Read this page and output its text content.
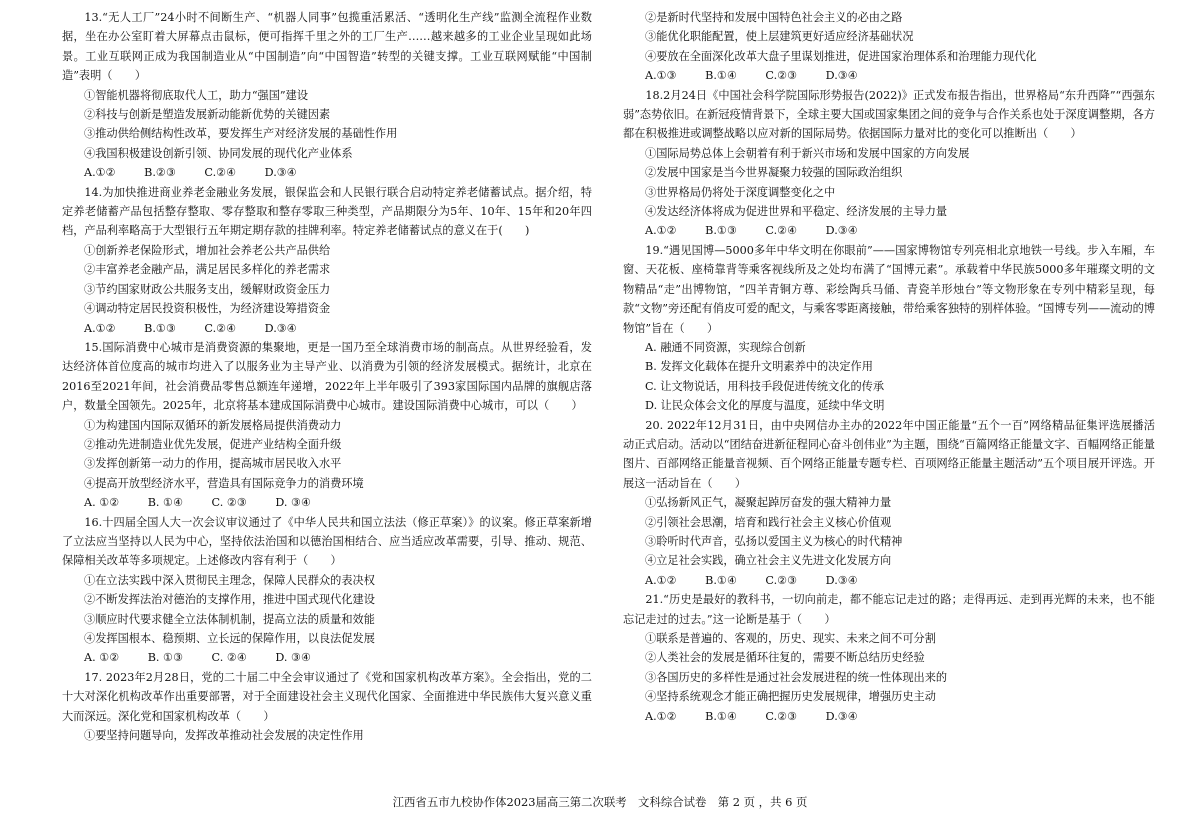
13.“无人工厂”24小时不间断生产、“机器人同事”包揽重活累活、“透明化生产线”监测全流程作业数据，坐在办公室盯着大屏幕点击鼠标，便可指挥千里之外的工厂生产……越来越多的工业企业呈现如此场景。工业互联网正成为我国制造业从“中国制造”向“中国智造”转型的关键支撑。工业互联网赋能“中国制造”表明（　　）

①智能机器将彻底取代人工，助力“强国”建设
②科技与创新是塑造发展新动能新优势的关键因素
③推动供给侧结构性改革，要发挥生产对经济发展的基础性作用
④我国积极建设创新引领、协同发展的现代化产业体系
A.①②        B.②③        C.②④        D.③④

14.为加快推进商业养老金融业务发展，银保监会和人民银行联合启动特定养老储蓄试点。据介绍，特定养老储蓄产品包括整存整取、零存整取和整存零取三种类型，产品期限分为5年、10年、15年和20年四档，产品利率略高于大型银行五年期定期存款的挂牌利率。特定养老储蓄试点的意义在于(　　)

①创新养老保险形式，增加社会养老公共产品供给
②丰富养老金融产品，满足居民多样化的养老需求
③节约国家财政公共服务支出，缓解财政资金压力
④调动特定居民投资积极性，为经济建设筹措资金
A.①②        B.①③        C.②④        D.③④

15.国际消费中心城市是消费资源的集聚地，更是一国乃至全球消费市场的制高点。从世界经验看，发达经济体首位度高的城市均进入了以服务业为主导产业、以消费为引领的经济发展模式。据统计，北京在2016至2021年间，社会消费品零售总额连年递增，2022年上半年吸引了393家国际国内品牌的旗舰店落户，数量全国领先。2025年，北京将基本建成国际消费中心城市。建设国际消费中心城市，可以（　　）

①为构建国内国际双循环的新发展格局提供消费动力
②推动先进制造业优先发展，促进产业结构全面升级
③发挥创新第一动力的作用，提高城市居民收入水平
④提高开放型经济水平，营造具有国际竞争力的消费环境
A. ①②        B. ①④        C. ②③        D. ③④

16.十四届全国人大一次会议审议通过了《中华人民共和国立法法（修正草案）》的议案。修正草案新增了立法应当坚持以人民为中心，坚持依法治国和以德治国相结合、应当适应改革需要，引导、推动、规范、保障相关改革等多项规定。上述修改内容有利于（　　）

①在立法实践中深入贯彻民主理念，保障人民群众的表决权
②不断发挥法治对德治的支撑作用，推进中国式现代化建设
③顺应时代要求健全立法体制机制，提高立法的质量和效能
④发挥国根本、稳预期、立长远的保障作用，以良法促发展
A. ①②        B. ①③        C. ②④        D. ③④

17. 2023年2月28日，党的二十届二中全会审议通过了《党和国家机构改革方案》。全会指出，党的二十大对深化机构改革作出重要部署，对于全面建设社会主义现代化国家、全面推进中华民族伟大复兴意义重大而深远。深化党和国家机构改革（　　）

①要坚持问题导向，发挥改革推动社会发展的决定性作用
②是新时代坚持和发展中国特色社会主义的必由之路
③能优化职能配置，使上层建筑更好适应经济基础状况
④要放在全面深化改革大盘子里谋划推进，促进国家治理体系和治理能力现代化
A.①③        B.①④        C.②③        D.③④

18.2月24日《中国社会科学院国际形势报告(2022)》正式发布报告指出，世界格局“东升西降”“西强东弱”态势依旧。在新冠疫情背景下，全球主要大国或国家集团之间的竞争与合作关系也处于深度调整期，各方都在积极推进或调整战略以应对新的国际局势。依据国际力量对比的变化可以推断出（　　）

①国际局势总体上会朝着有利于新兴市场和发展中国家的方向发展
②发展中国家是当今世界凝聚力较强的国际政治组织
③世界格局仍将处于深度调整变化之中
④发达经济体将成为促进世界和平稳定、经济发展的主导力量
A.①②        B.①③        C.②④        D.③④

19.“遇见国博—5000多年中华文明在你眼前”——国家博物馆专列亮相北京地铁一号线。步入车厢，车窗、天花板、座椅靠背等乘客视线所及之处均布满了“国博元素”。承载着中华民族5000多年璀璨文明的文物精品“走”出博物馆，“四羊青铜方尊、彩绘陶兵马俑、青瓷羊形烛台”等文物形象在专列中精彩呈现，每款“文物”旁还配有俏皮可爱的配文，与乘客零距离接触，带给乘客独特的别样体验。“国博专列——流动的博物馆”旨在（　　）

A. 融通不同资源，实现综合创新
B. 发挥文化载体在提升文明素养中的决定作用
C. 让文物说话，用科技手段促进传统文化的传承
D. 让民众体会文化的厚度与温度，延续中华文明

20. 2022年12月31日，由中央网信办主办的2022年中国正能量“五个一百”网络精品征集评选展播活动正式启动。活动以“团结奋进新征程同心奋斗创伟业”为主题，围绕“百篇网络正能量文字、百幅网络正能量图片、百部网络正能量音视频、百个网络正能量专题专栏、百项网络正能量主题活动”五个项目展开评选。开展这一活动旨在（　　）

①弘扬新风正气，凝聚起踔厉奋发的强大精神力量
②引领社会思潮，培育和践行社会主义核心价值观
③聆听时代声音，弘扬以爱国主义为核心的时代精神
④立足社会实践，确立社会主义先进文化发展方向
A.①②        B.①④        C.②③        D.③④

21.“历史是最好的教科书，一切向前走，都不能忘记走过的路；走得再远、走到再光辉的未来，也不能忘记走过的过去。”这一论断是基于（　　）

①联系是普遍的、客观的，历史、现实、未来之间不可分割
②人类社会的发展是循环往复的，需要不断总结历史经验
③各国历史的多样性是通过社会发展进程的统一性体现出来的
④坚持系统观念才能正确把握历史发展规律，增强历史主动
A.①②        B.①④        C.②③        D.③④
江西省五市九校协作体2023届高三第二次联考　文科综合试卷　第 2 页 ，共 6 页
